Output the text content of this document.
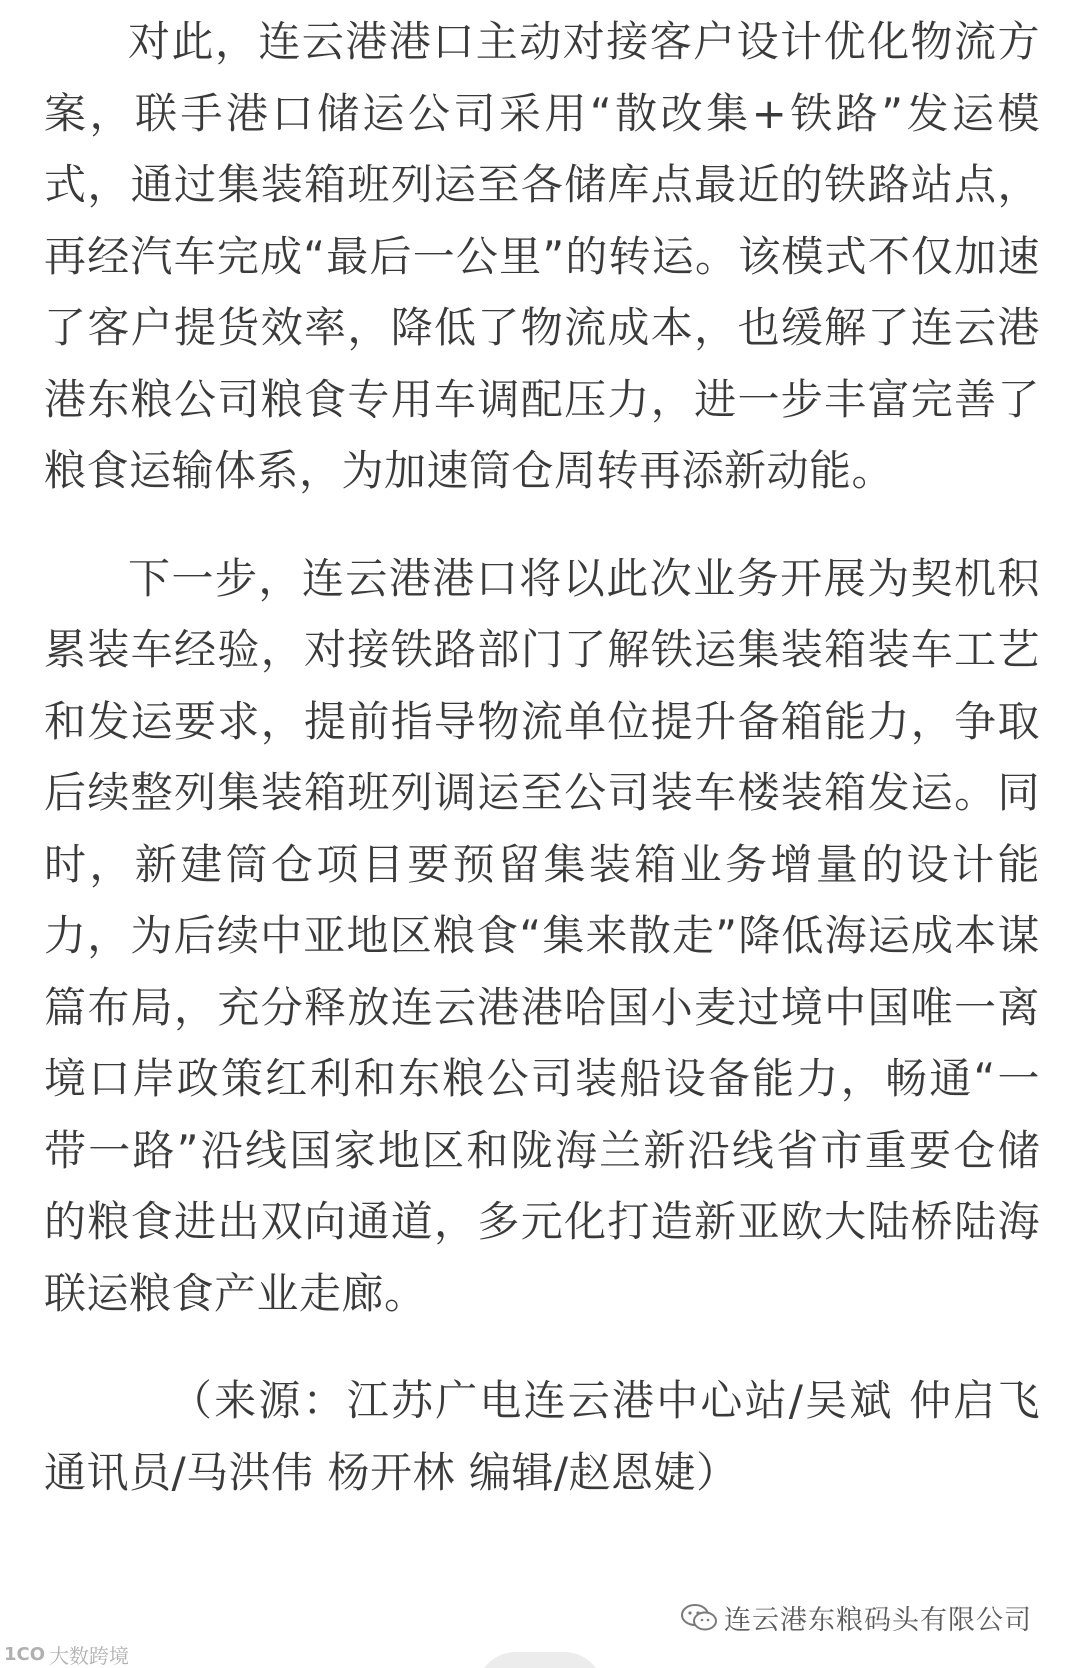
对此，连云港港口主动对接客户设计优化物流方案，联手港口储运公司采用“散改集+铁路”发运模式，通过集装箱班列运至各储库点最近的铁路站点，再经汽车完成“最后一公里”的转运。该模式不仅加速了客户提货效率，降低了物流成本，也缓解了连云港港东粮公司粮食专用车调配压力，进一步丰富完善了粮食运输体系，为加速筒仓周转再添新动能。

下一步，连云港港口将以此次业务开展为契机积累装车经验，对接铁路部门了解铁运集装箱装车工艺和发运要求，提前指导物流单位提升备箱能力，争取后续整列集装箱班列调运至公司装车楼装箱发运。同时，新建筒仓项目要预留集装箱业务增量的设计能力，为后续中亚地区粮食“集来散走”降低海运成本谋篇布局，充分释放连云港港哈国小麦过境中国唯一离境口岸政策红利和东粮公司装船设备能力，畅通“一带一路”沿线国家地区和陇海兰新沿线省市重要仓储的粮食进出双向通道，多元化打造新亚欧大陆桥陆海联运粮食产业走廊。

（来源：江苏广电连云港中心站/吴斌 仲启飞 通讯员/马洪伟 杨开林 编辑/赵恩婕）

连云港东粮码头有限公司
1CO 大数跨境
